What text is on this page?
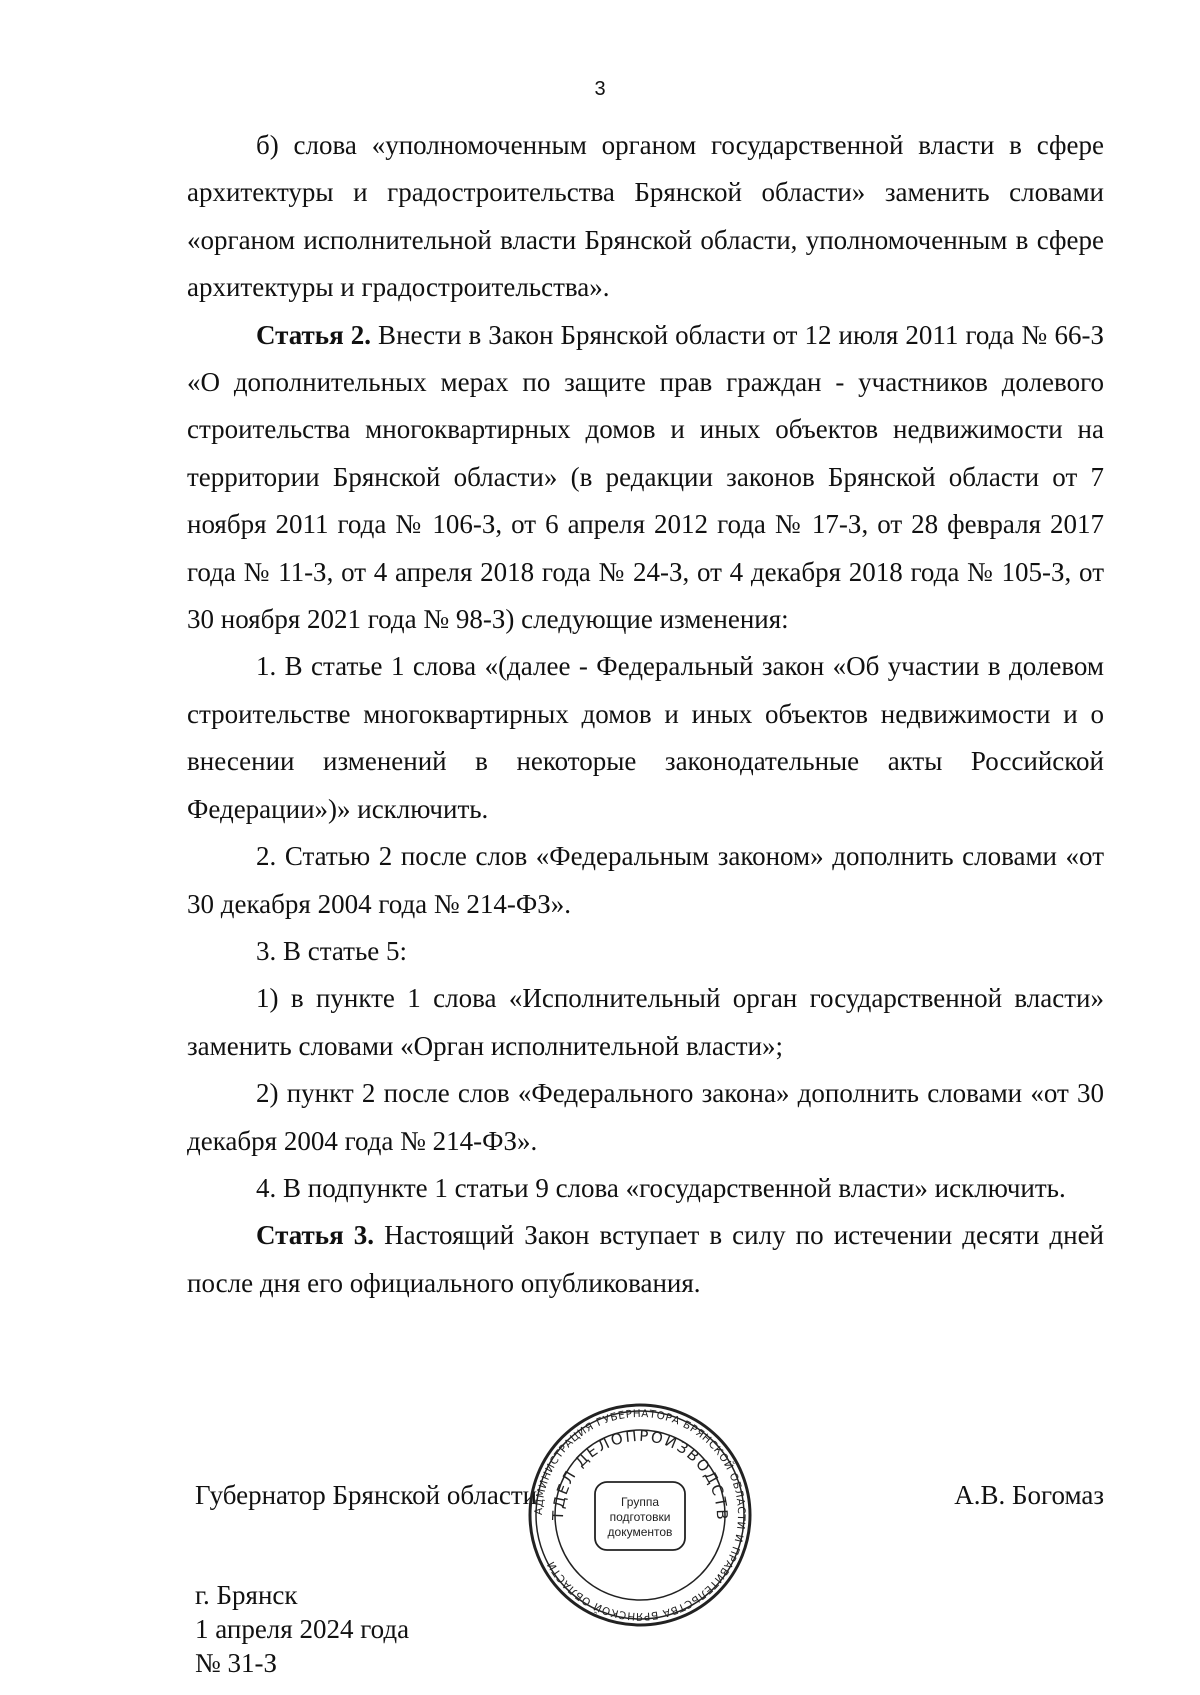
3

б) слова «уполномоченным органом государственной власти в сфере архитектуры и градостроительства Брянской области» заменить словами «органом исполнительной власти Брянской области, уполномоченным в сфере архитектуры и градостроительства».

Статья 2. Внести в Закон Брянской области от 12 июля 2011 года № 66-З «О дополнительных мерах по защите прав граждан - участников долевого строительства многоквартирных домов и иных объектов недвижимости на территории Брянской области» (в редакции законов Брянской области от 7 ноября 2011 года № 106-З, от 6 апреля 2012 года № 17-З, от 28 февраля 2017 года № 11-З, от 4 апреля 2018 года № 24-З, от 4 декабря 2018 года № 105-З, от 30 ноября 2021 года № 98-З) следующие изменения:

1. В статье 1 слова «(далее - Федеральный закон «Об участии в долевом строительстве многоквартирных домов и иных объектов недвижимости и о внесении изменений в некоторые законодательные акты Российской Федерации»)» исключить.

2. Статью 2 после слов «Федеральным законом» дополнить словами «от 30 декабря 2004 года № 214-ФЗ».

3. В статье 5:

1) в пункте 1 слова «Исполнительный орган государственной власти» заменить словами «Орган исполнительной власти»;

2) пункт 2 после слов «Федерального закона» дополнить словами «от 30 декабря 2004 года № 214-ФЗ».

4. В подпункте 1 статьи 9 слова «государственной власти» исключить.

Статья 3. Настоящий Закон вступает в силу по истечении десяти дней после дня его официального опубликования.

Губернатор Брянской области	А.В. Богомаз
АДМИНИСТРАЦИЯ ГУБЕРНАТОРА БРЯНСКОЙ ОБЛАСТИ И ПРАВИТЕЛЬСТВА БРЯНСКОЙ ОБЛАСТИ
ТДЕЛ ДЕЛОПРОИЗВОДСТВ
Группа
подготовки
документов
г. Брянск
1 апреля 2024 года
№ 31-З
